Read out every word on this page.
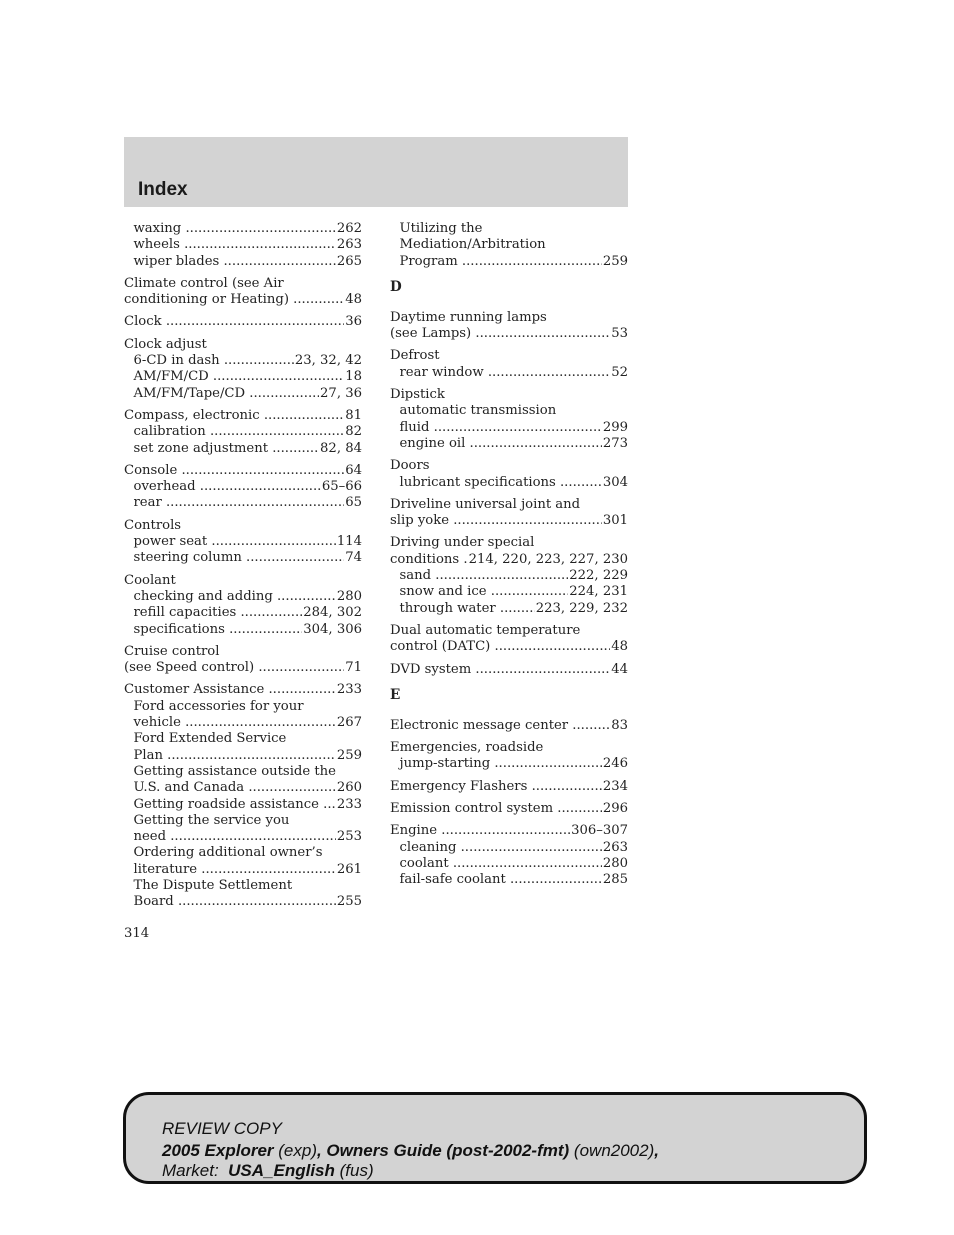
Index
waxing	262
.....
wheels	263
.....
wiper blades	265
.....
Climate control (see Air
conditioning or Heating)	48
.....
Clock	36
.....
Clock adjust
6-CD in dash	23, 32, 42
.....
AM/FM/CD	18
.....
AM/FM/Tape/CD	27, 36
.....
Compass, electronic	81
.....
calibration	82
.....
set zone adjustment	82, 84
.....
Console	64
.....
overhead	65–66
.....
rear	65
.....
Controls
power seat	114
.....
steering column	74
.....
Coolant
checking and adding	280
.....
refill capacities	284, 302
.....
specifications	304, 306
.....
Cruise control
(see Speed control)	71
.....
Customer Assistance	233
.....
Ford accessories for your
vehicle	267
.....
Ford Extended Service
Plan	259
.....
Getting assistance outside the
U.S. and Canada	260
.....
Getting roadside assistance 233
.....
Getting the service you
need	253
.....
Ordering additional owner’s
literature	261
.....
The Dispute Settlement
Board	255
.....
Utilizing the
Mediation/Arbitration
Program	259
.....
D
Daytime running lamps
(see Lamps)	53
.....
Defrost
rear window	52
.....
Dipstick
automatic transmission
fluid	299
.....
engine oil	273
.....
Doors
lubricant specifications	304
.....
Driveline universal joint and
slip yoke	301
.....
Driving under special
conditions 214, 220, 223, 227, 230
.....
sand	222, 229
.....
snow and ice	224, 231
.....
through water	223, 229, 232
.....
Dual automatic temperature
control (DATC)	48
.....
DVD system	44
.....
E
Electronic message center	83
.....
Emergencies, roadside
jump-starting	246
.....
Emergency Flashers	234
.....
Emission control system	296
.....
Engine	306–307
.....
cleaning	263
.....
coolant	280
.....
fail-safe coolant	285
.....
314
REVIEW COPY
2005 Explorer (exp), Owners Guide (post-2002-fmt) (own2002),
Market: USA_English (fus)
